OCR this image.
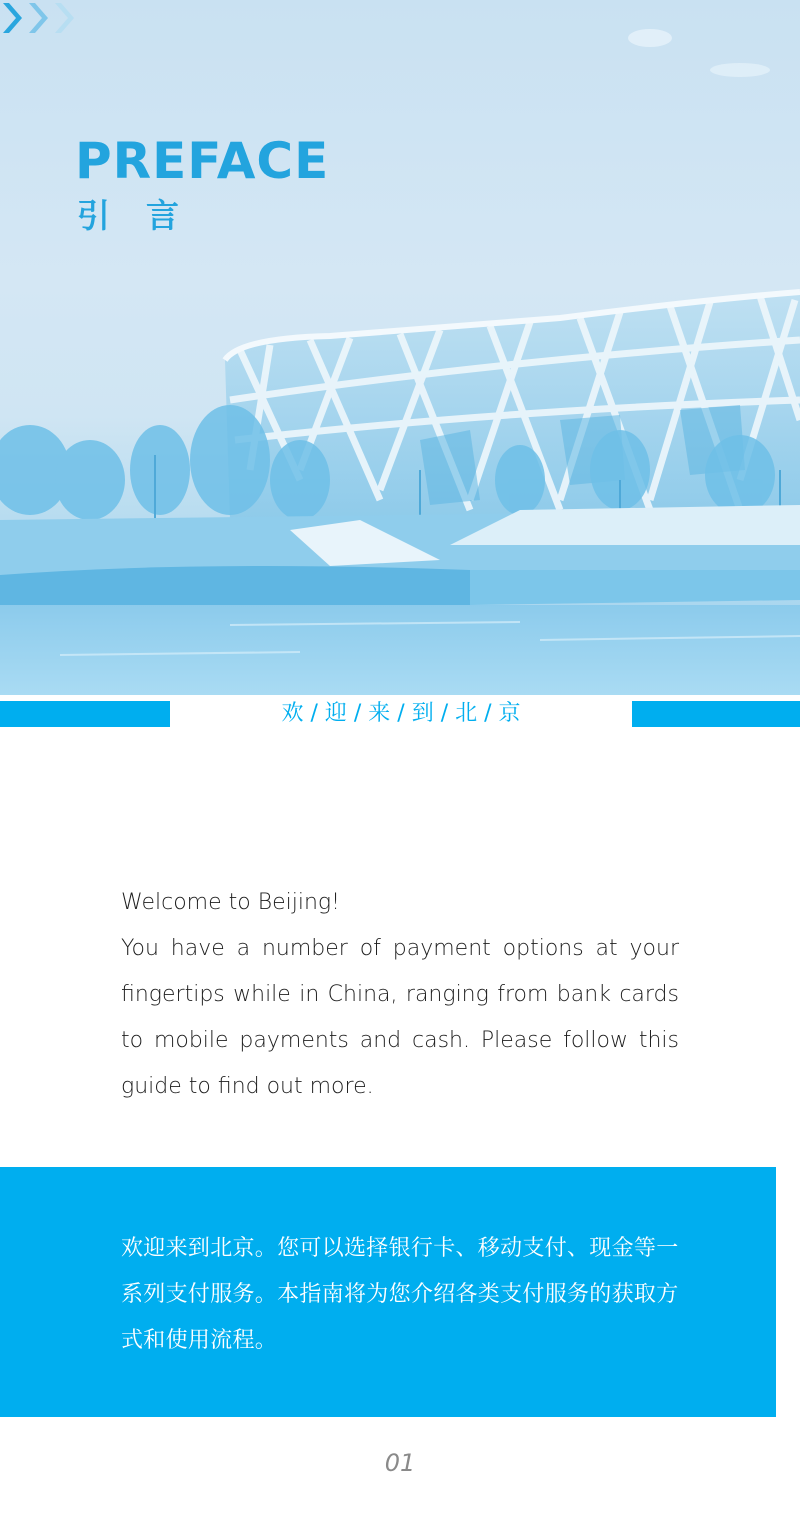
PREFACE
引言
欢 / 迎 / 来 / 到 / 北 / 京
Welcome to Beijing!
You have a number of payment options at your fingertips while in China, ranging from bank cards to mobile payments and cash. Please follow this guide to find out more.

欢迎来到北京。您可以选择银行卡、移动支付、现金等一系列支付服务。本指南将为您介绍各类支付服务的获取方式和使用流程。

01
